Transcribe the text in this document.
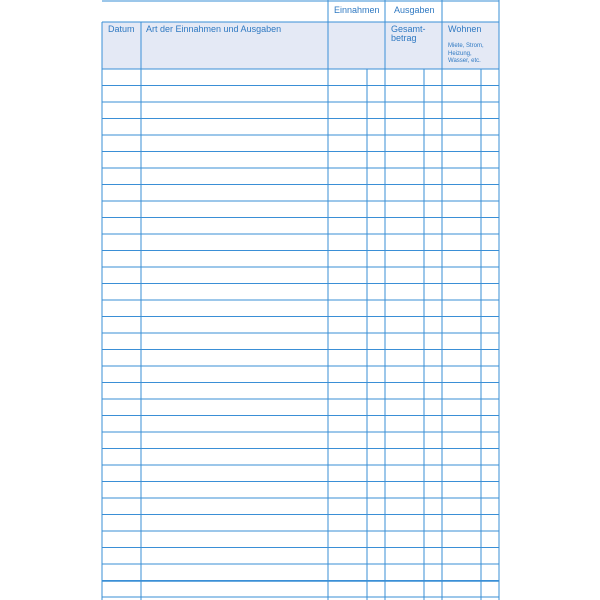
Einnahmen Ausgaben
Datum Art der Einnahmen und Ausgaben	Gesamt-
betrag
Wohnen
Miete, Strom,
Heizung,
Wasser, etc.
